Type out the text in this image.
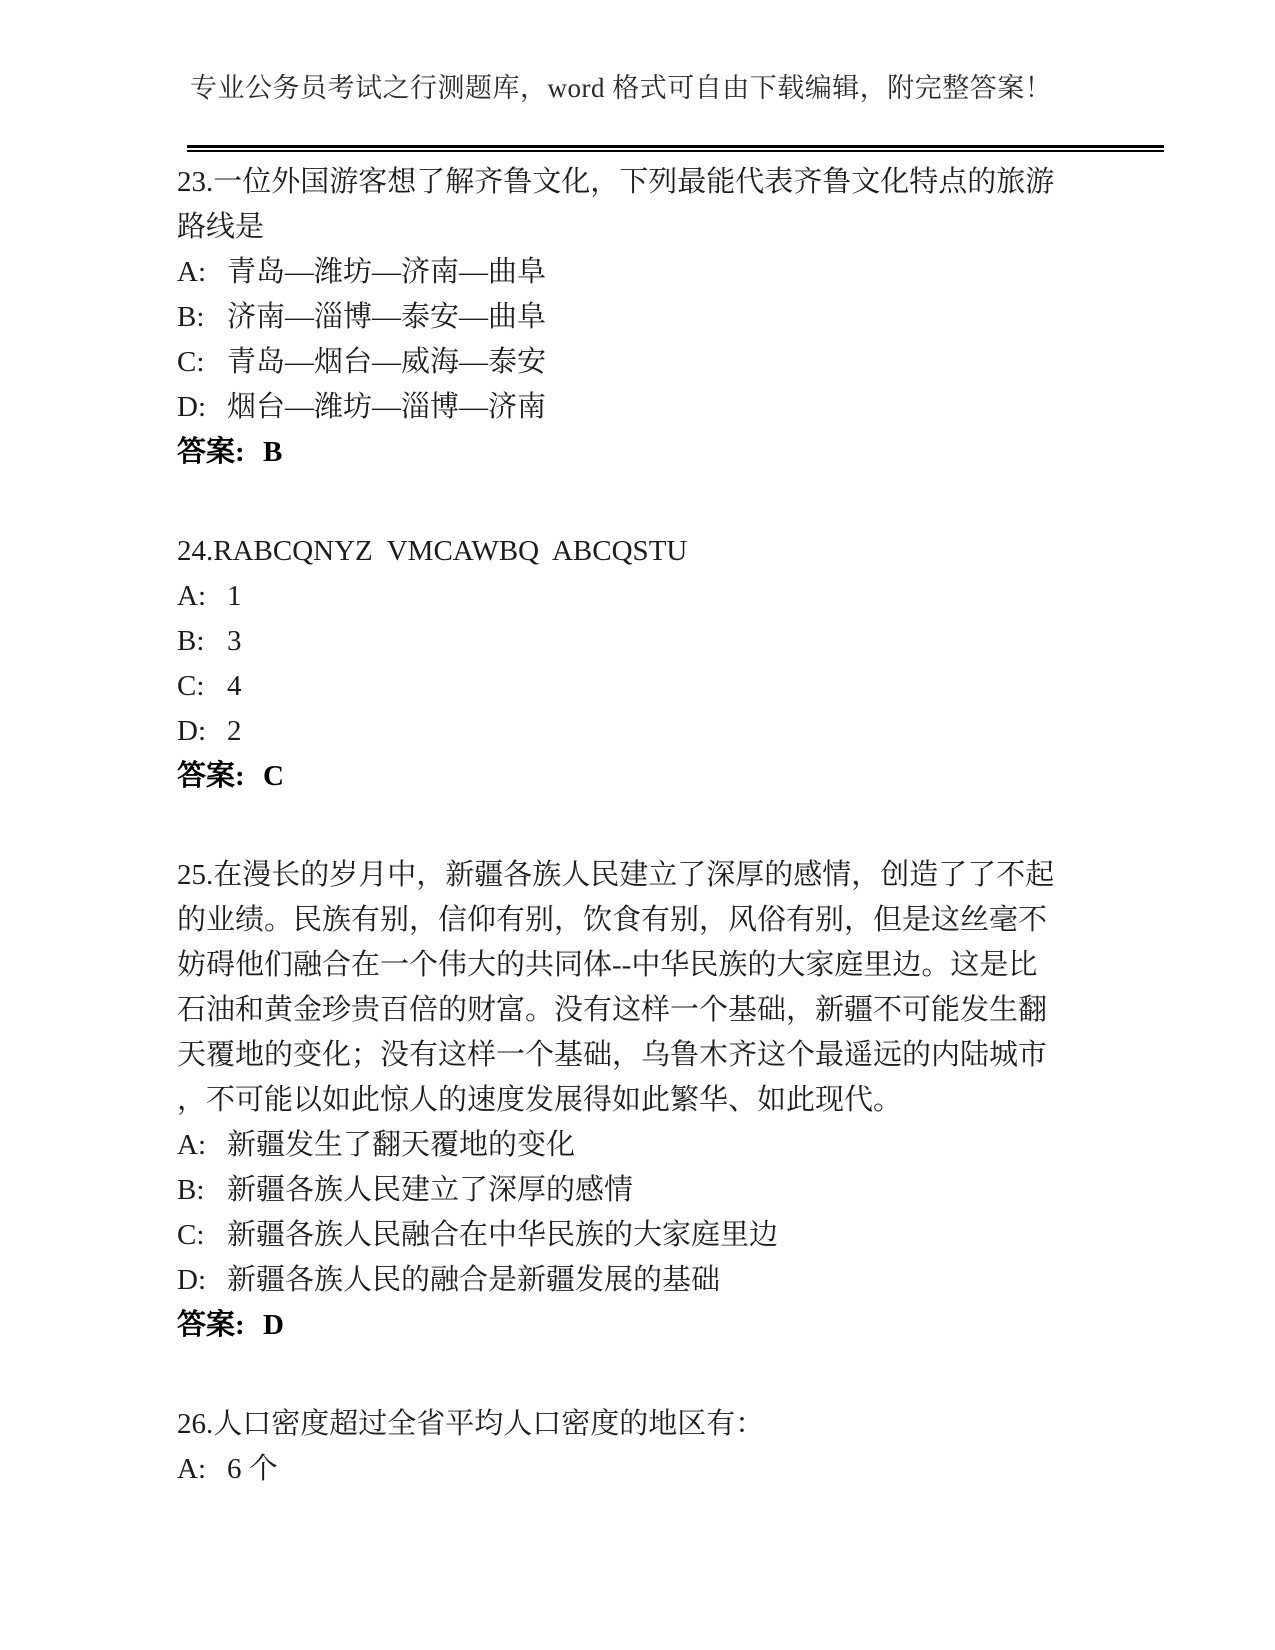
专业公务员考试之行测题库，word 格式可自由下载编辑，附完整答案！
23.一位外国游客想了解齐鲁文化，下列最能代表齐鲁文化特点的旅游
路线是
A: 青岛—潍坊—济南—曲阜
B: 济南—淄博—泰安—曲阜
C: 青岛—烟台—威海—泰安
D: 烟台—潍坊—淄博—济南
答案: B
24.RABCQNYZ  VMCAWBQ  ABCQSTU
A: 1
B: 3
C: 4
D: 2
答案: C
25.在漫长的岁月中，新疆各族人民建立了深厚的感情，创造了了不起
的业绩。民族有别，信仰有别，饮食有别，风俗有别，但是这丝毫不
妨碍他们融合在一个伟大的共同体--中华民族的大家庭里边。这是比
石油和黄金珍贵百倍的财富。没有这样一个基础，新疆不可能发生翻
天覆地的变化；没有这样一个基础，乌鲁木齐这个最遥远的内陆城市
，不可能以如此惊人的速度发展得如此繁华、如此现代。
A: 新疆发生了翻天覆地的变化
B: 新疆各族人民建立了深厚的感情
C: 新疆各族人民融合在中华民族的大家庭里边
D: 新疆各族人民的融合是新疆发展的基础
答案: D
26.人口密度超过全省平均人口密度的地区有：
A: 6 个
